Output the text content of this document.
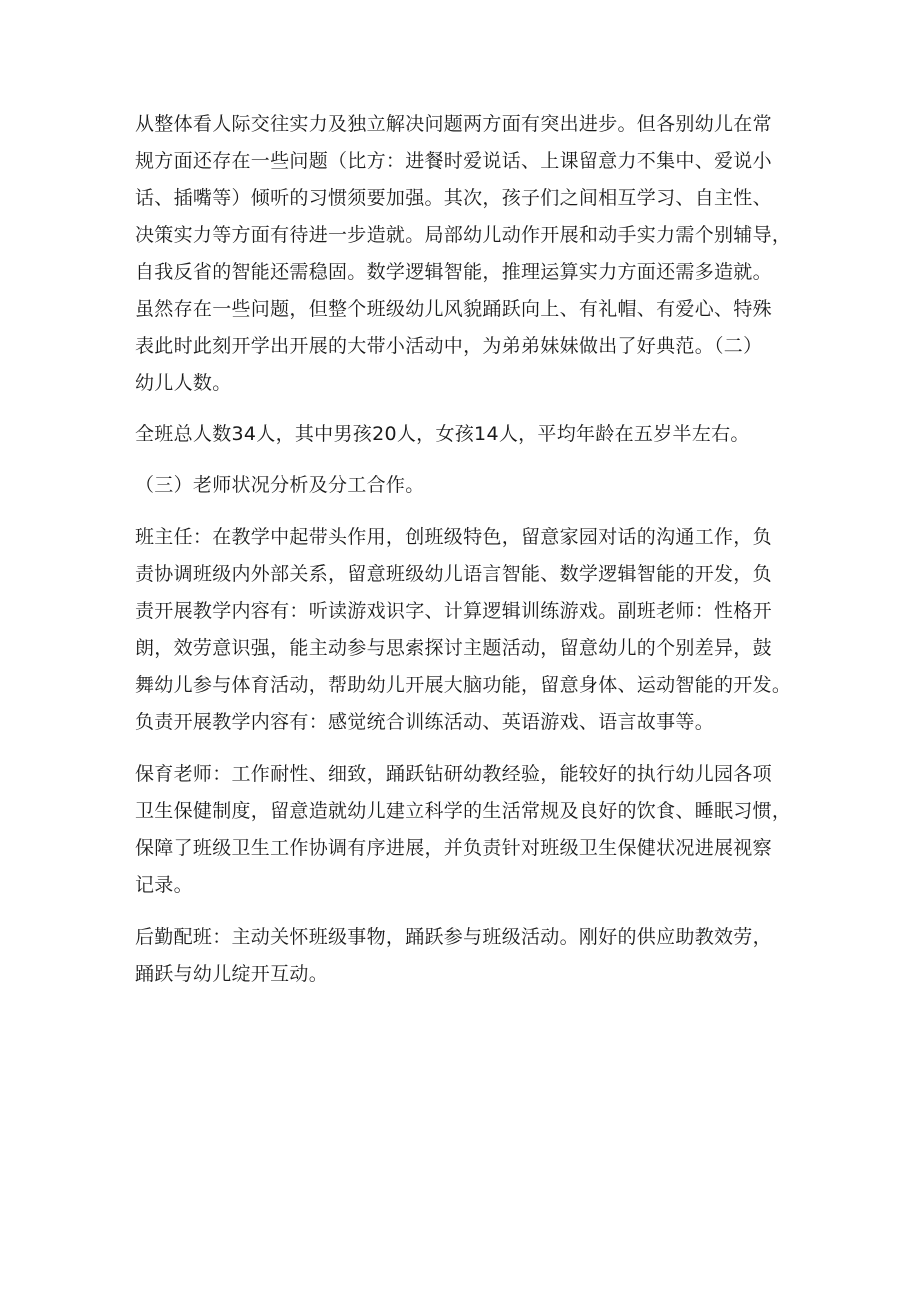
从整体看人际交往实力及独立解决问题两方面有突出进步。但各别幼儿在常
规方面还存在一些问题（比方：进餐时爱说话、上课留意力不集中、爱说小
话、插嘴等）倾听的习惯须要加强。其次，孩子们之间相互学习、自主性、
决策实力等方面有待进一步造就。局部幼儿动作开展和动手实力需个别辅导，
自我反省的智能还需稳固。数学逻辑智能，推理运算实力方面还需多造就。
虽然存在一些问题，但整个班级幼儿风貌踊跃向上、有礼帽、有爱心、特殊
表此时此刻开学出开展的大带小活动中，为弟弟妹妹做出了好典范。（二）
幼儿人数。
全班总人数34人，其中男孩20人，女孩14人，平均年龄在五岁半左右。
（三）老师状况分析及分工合作。
班主任：在教学中起带头作用，创班级特色，留意家园对话的沟通工作，负
责协调班级内外部关系，留意班级幼儿语言智能、数学逻辑智能的开发，负
责开展教学内容有：听读游戏识字、计算逻辑训练游戏。副班老师：性格开
朗，效劳意识强，能主动参与思索探讨主题活动，留意幼儿的个别差异，鼓
舞幼儿参与体育活动，帮助幼儿开展大脑功能，留意身体、运动智能的开发。
负责开展教学内容有：感觉统合训练活动、英语游戏、语言故事等。
保育老师：工作耐性、细致，踊跃钻研幼教经验，能较好的执行幼儿园各项
卫生保健制度，留意造就幼儿建立科学的生活常规及良好的饮食、睡眠习惯，
保障了班级卫生工作协调有序进展，并负责针对班级卫生保健状况进展视察
记录。
后勤配班：主动关怀班级事物，踊跃参与班级活动。刚好的供应助教效劳，
踊跃与幼儿绽开互动。
